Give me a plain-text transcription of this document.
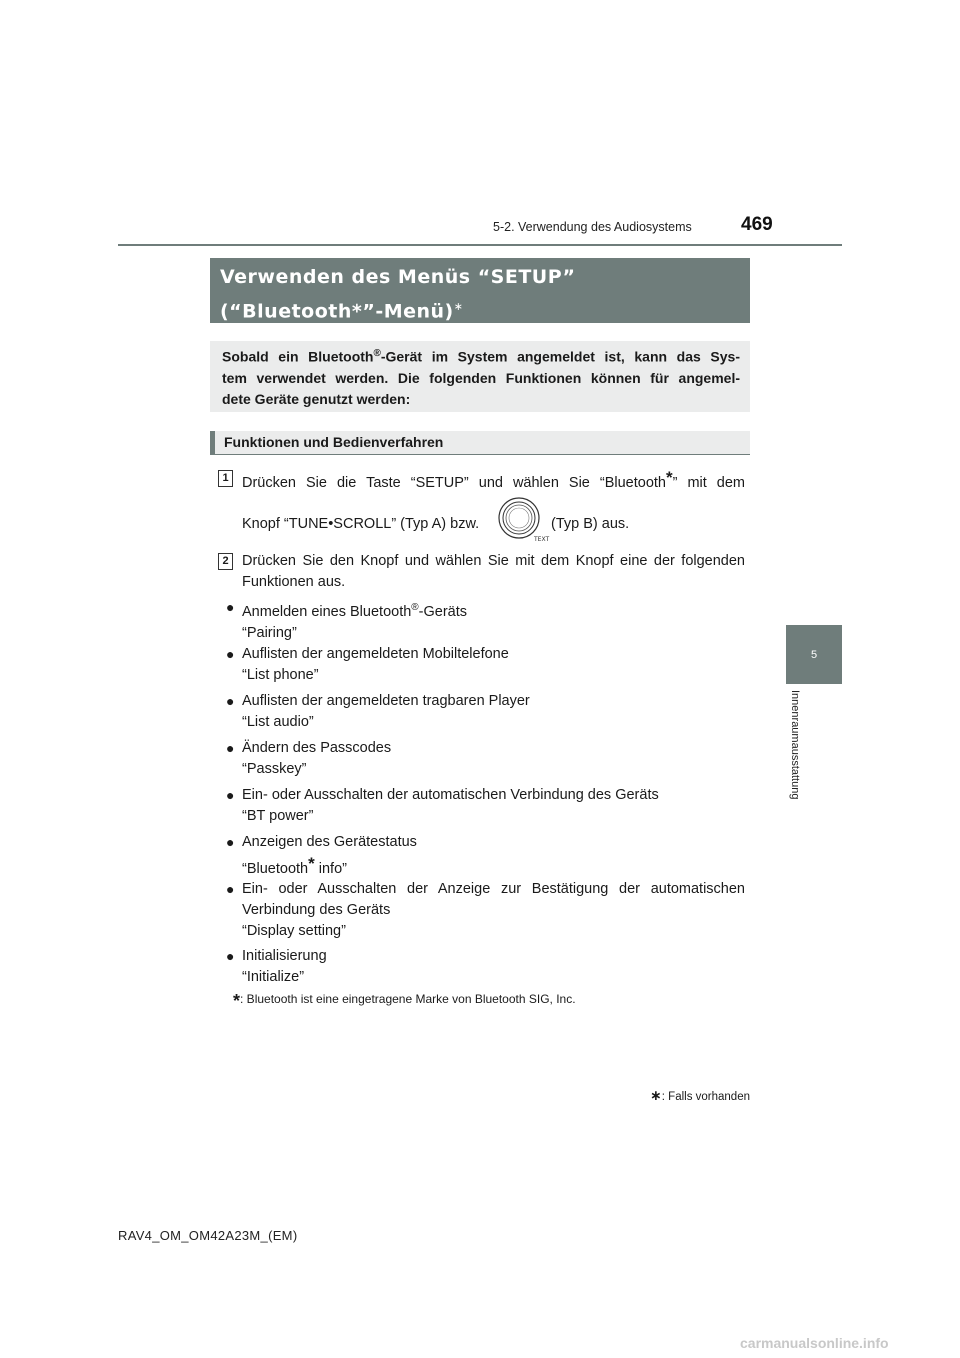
5-2. Verwendung des Audiosystems	469
5
Innenraumausstattung
Verwenden des Menüs “SETUP”
(“Bluetooth*”-Menü)∗
Sobald ein Bluetooth®-Gerät im System angemeldet ist, kann das Sys-
tem verwendet werden. Die folgenden Funktionen können für angemel-
dete Geräte genutzt werden:
Funktionen und Bedienverfahren
1 Drücken Sie die Taste “SETUP” und wählen Sie “Bluetooth*” mit dem
Knopf “TUNE•SCROLL” (Typ A) bzw.
TEXT
(Typ B) aus.
2 Drücken Sie den Knopf und wählen Sie mit dem Knopf eine der folgenden
Funktionen aus.
● Anmelden eines Bluetooth®-Geräts
“Pairing”
● Auflisten der angemeldeten Mobiltelefone
“List phone”
● Auflisten der angemeldeten tragbaren Player
“List audio”
● Ändern des Passcodes
“Passkey”
● Ein- oder Ausschalten der automatischen Verbindung des Geräts
“BT power”
● Anzeigen des Gerätestatus
“Bluetooth* info”
● Ein- oder Ausschalten der Anzeige zur Bestätigung der automatischen
Verbindung des Geräts
“Display setting”
● Initialisierung
“Initialize”
*: Bluetooth ist eine eingetragene Marke von Bluetooth SIG, Inc.
∗: Falls vorhanden
RAV4_OM_OM42A23M_(EM)
carmanualsonline.info
